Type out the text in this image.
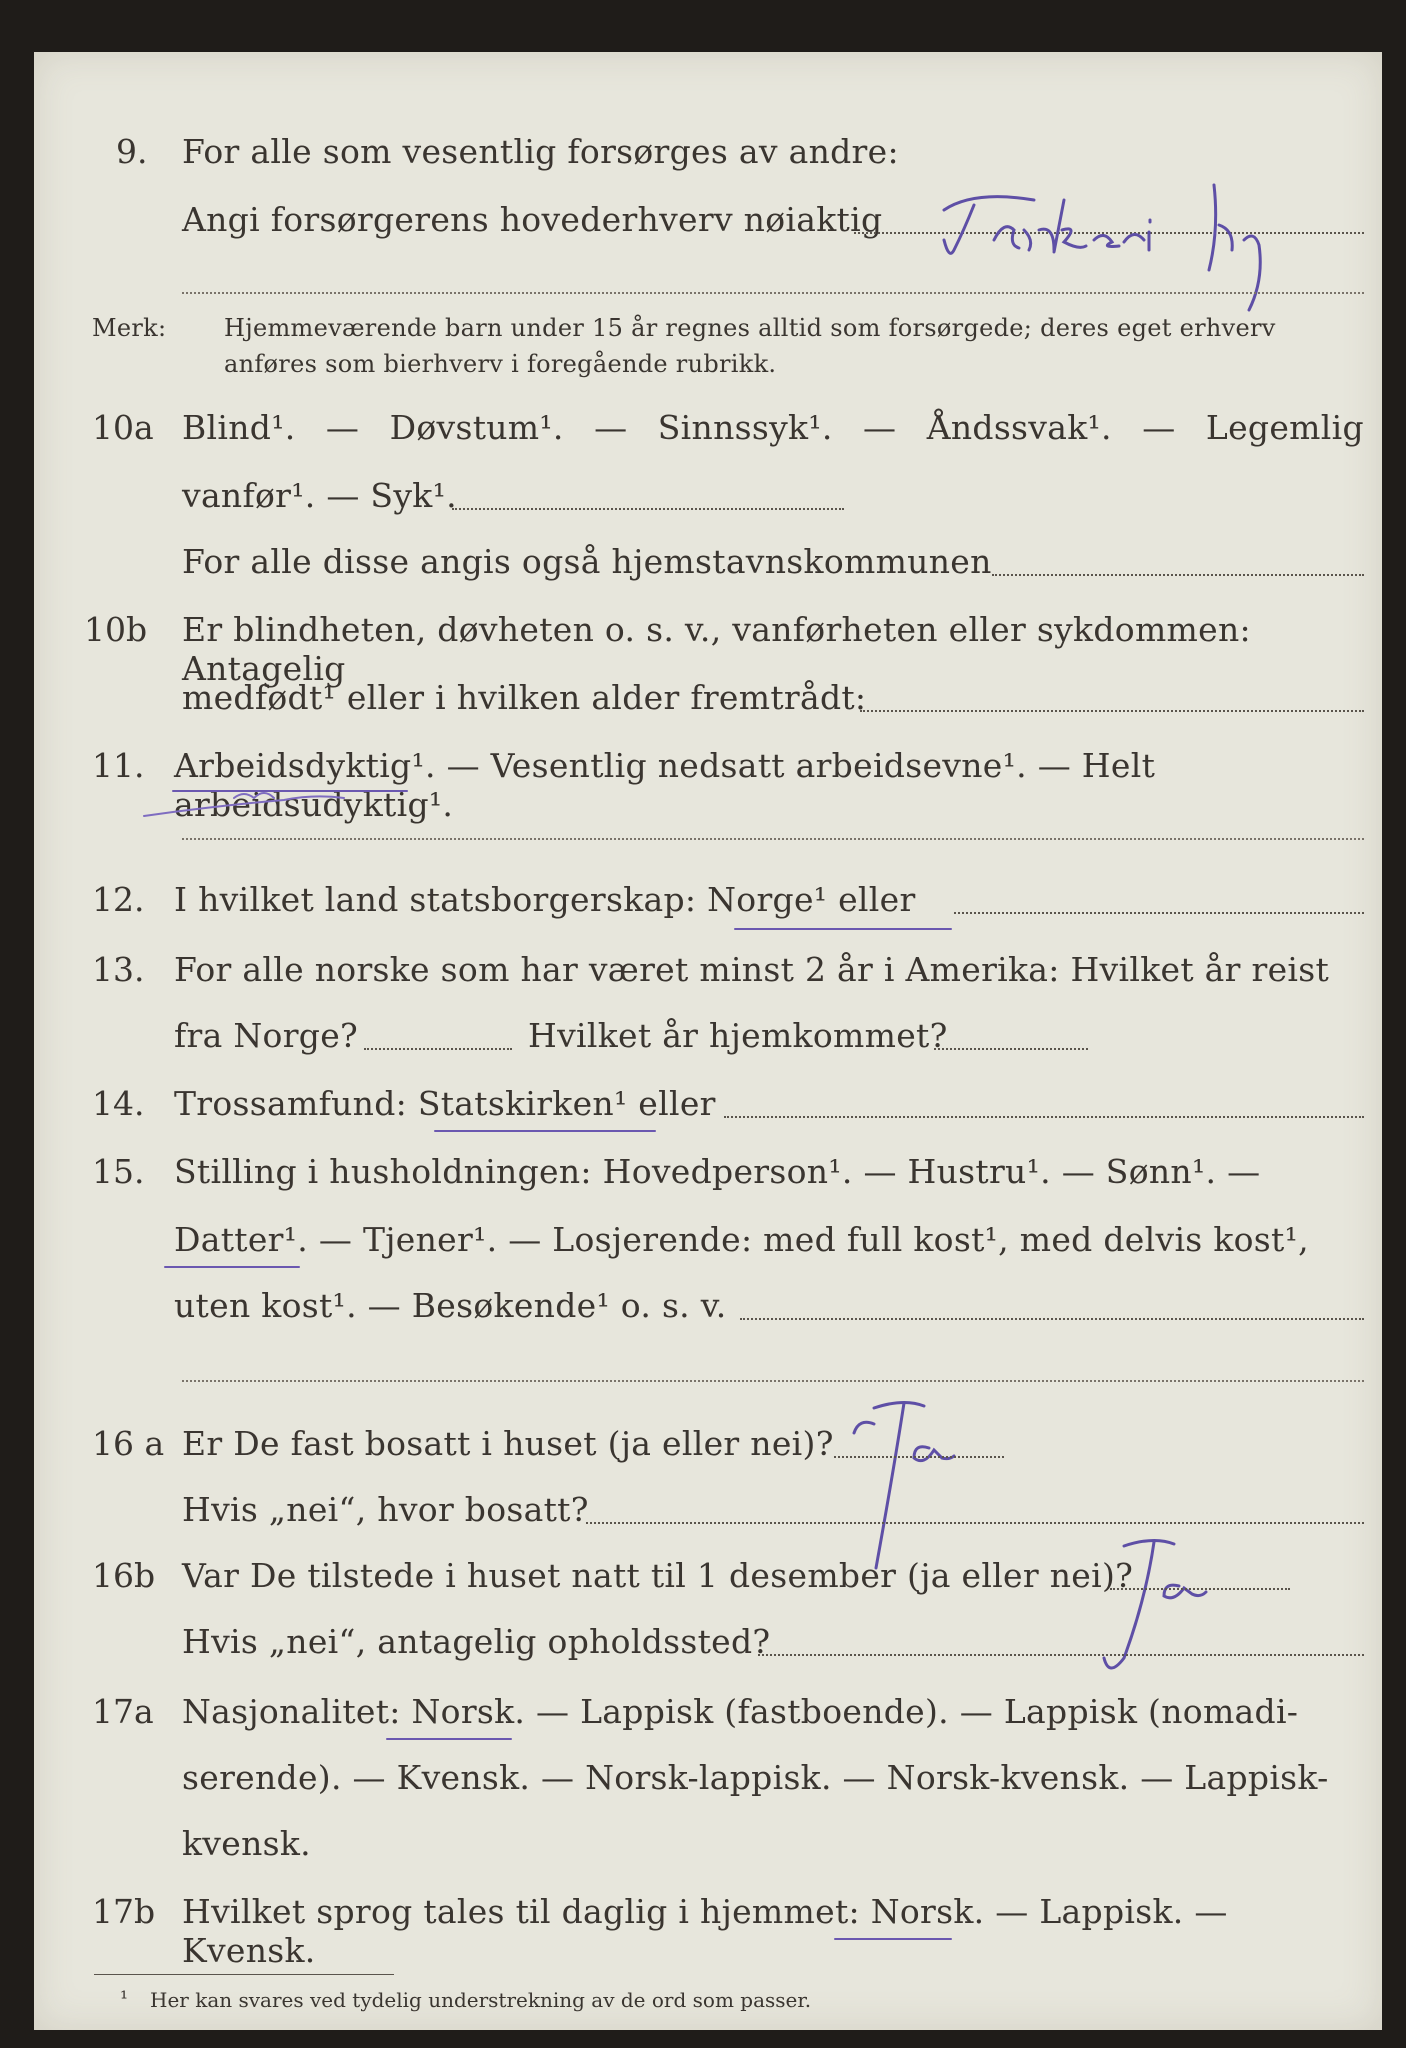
9. For alle som vesentlig forsørges av andre:
Angi forsørgerens hovederhverv nøiaktig
Fiskeri
Merk: Hjemmeværende barn under 15 år regnes alltid som forsørgede; deres eget erhverv
anføres som bierhverv i foregående rubrikk.
10a Blind¹. — Døvstum¹. — Sinnssyk¹. — Åndssvak¹. — Legemlig
vanfør¹. — Syk¹.
For alle disse angis også hjemstavnskommunen
10b Er blindheten, døvheten o. s. v., vanførheten eller sykdommen: Antagelig
medfødt¹ eller i hvilken alder fremtrådt:
11. Arbeidsdyktig¹. — Vesentlig nedsatt arbeidsevne¹. — Helt arbeidsudyktig¹.
12. I hvilket land statsborgerskap: Norge¹ eller
13. For alle norske som har været minst 2 år i Amerika: Hvilket år reist
fra Norge?	Hvilket år hjemkommet?
14. Trossamfund: Statskirken¹ eller
15. Stilling i husholdningen: Hovedperson¹. — Hustru¹. — Sønn¹. —
Datter¹. — Tjener¹. — Losjerende: med full kost¹, med delvis kost¹,
uten kost¹. — Besøkende¹ o. s. v.
16 a Er De fast bosatt i huset (ja eller nei)?
Ja
Hvis „nei“, hvor bosatt?
16b Var De tilstede i huset natt til 1 desember (ja eller nei)?
Ja
Hvis „nei“, antagelig opholdssted?
17a Nasjonalitet: Norsk. — Lappisk (fastboende). — Lappisk (nomadi-
serende). — Kvensk. — Norsk-lappisk. — Norsk-kvensk. — Lappisk-
kvensk.
17b Hvilket sprog tales til daglig i hjemmet: Norsk. — Lappisk. — Kvensk.
¹ Her kan svares ved tydelig understrekning av de ord som passer.
